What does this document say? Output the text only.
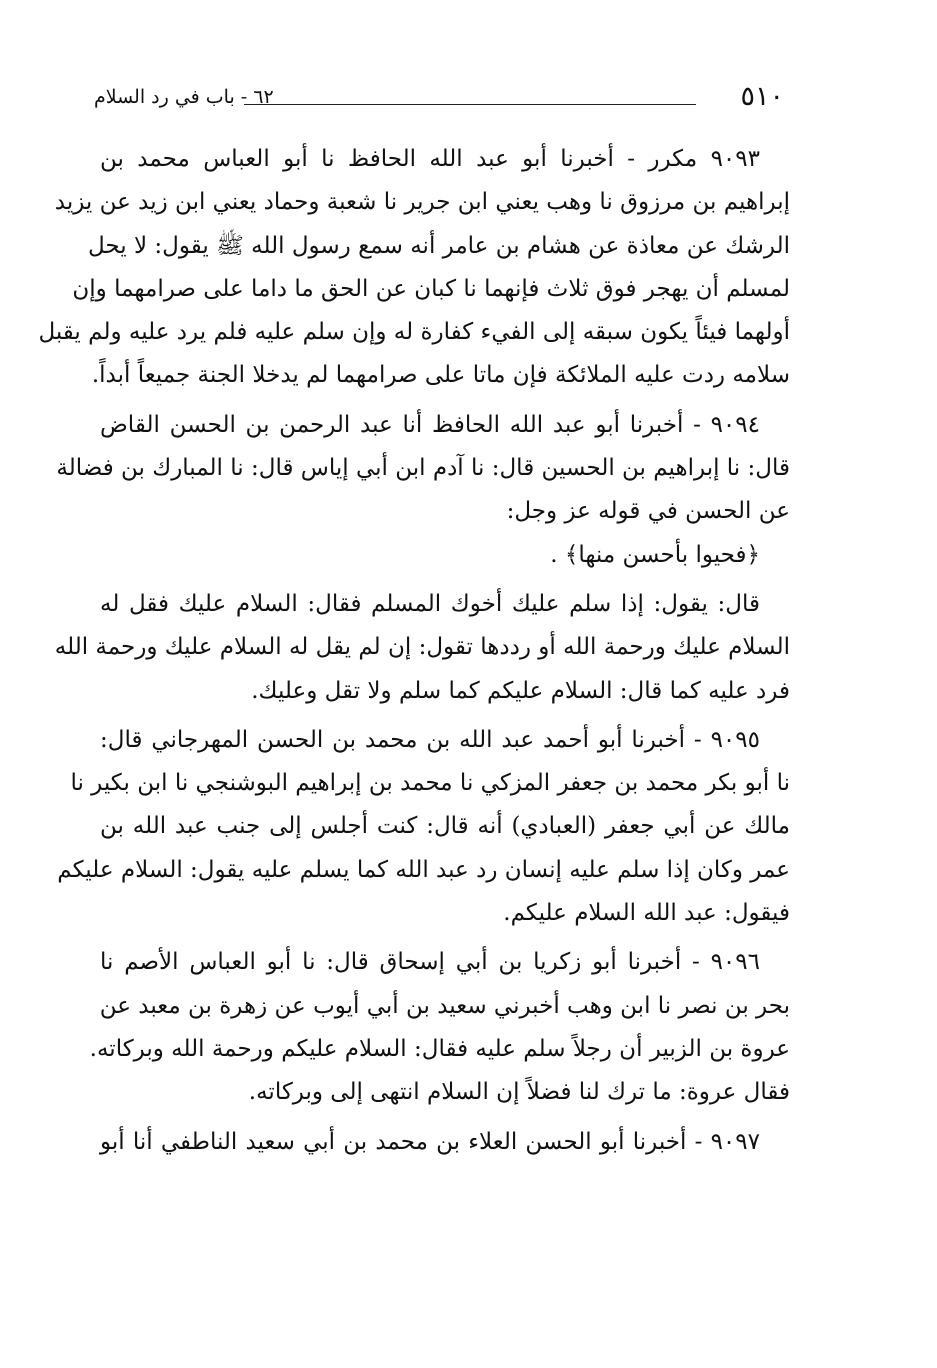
٥١٠
٦٢ - باب في رد السلام
٩٠٩٣ مكرر - أخبرنا أبو عبد الله الحافظ نا أبو العباس محمد بن
إبراهيم بن مرزوق نا وهب يعني ابن جرير نا شعبة وحماد يعني ابن زيد عن يزيد
الرشك عن معاذة عن هشام بن عامر أنه سمع رسول الله ﷺ يقول: لا يحل
لمسلم أن يهجر فوق ثلاث فإنهما نا كبان عن الحق ما داما على صرامهما وإن
أولهما فيئاً يكون سبقه إلى الفيء كفارة له وإن سلم عليه فلم يرد عليه ولم يقبل
سلامه ردت عليه الملائكة فإن ماتا على صرامهما لم يدخلا الجنة جميعاً أبداً.
٩٠٩٤ - أخبرنا أبو عبد الله الحافظ أنا عبد الرحمن بن الحسن القاض
قال: نا إبراهيم بن الحسين قال: نا آدم ابن أبي إياس قال: نا المبارك بن فضالة
عن الحسن في قوله عز وجل:
﴿فحيوا بأحسن منها﴾ .
قال: يقول: إذا سلم عليك أخوك المسلم فقال: السلام عليك فقل له
السلام عليك ورحمة الله أو رددها تقول: إن لم يقل له السلام عليك ورحمة الله
فرد عليه كما قال: السلام عليكم كما سلم ولا تقل وعليك.
٩٠٩٥ - أخبرنا أبو أحمد عبد الله بن محمد بن الحسن المهرجاني قال:
نا أبو بكر محمد بن جعفر المزكي نا محمد بن إبراهيم البوشنجي نا ابن بكير نا
مالك عن أبي جعفر (العبادي) أنه قال: كنت أجلس إلى جنب عبد الله بن
عمر وكان إذا سلم عليه إنسان رد عبد الله كما يسلم عليه يقول: السلام عليكم
فيقول: عبد الله السلام عليكم.
٩٠٩٦ - أخبرنا أبو زكريا بن أبي إسحاق قال: نا أبو العباس الأصم نا
بحر بن نصر نا ابن وهب أخبرني سعيد بن أبي أيوب عن زهرة بن معبد عن
عروة بن الزبير أن رجلاً سلم عليه فقال: السلام عليكم ورحمة الله وبركاته.
فقال عروة: ما ترك لنا فضلاً إن السلام انتهى إلى وبركاته.
٩٠٩٧ - أخبرنا أبو الحسن العلاء بن محمد بن أبي سعيد الناطفي أنا أبو
